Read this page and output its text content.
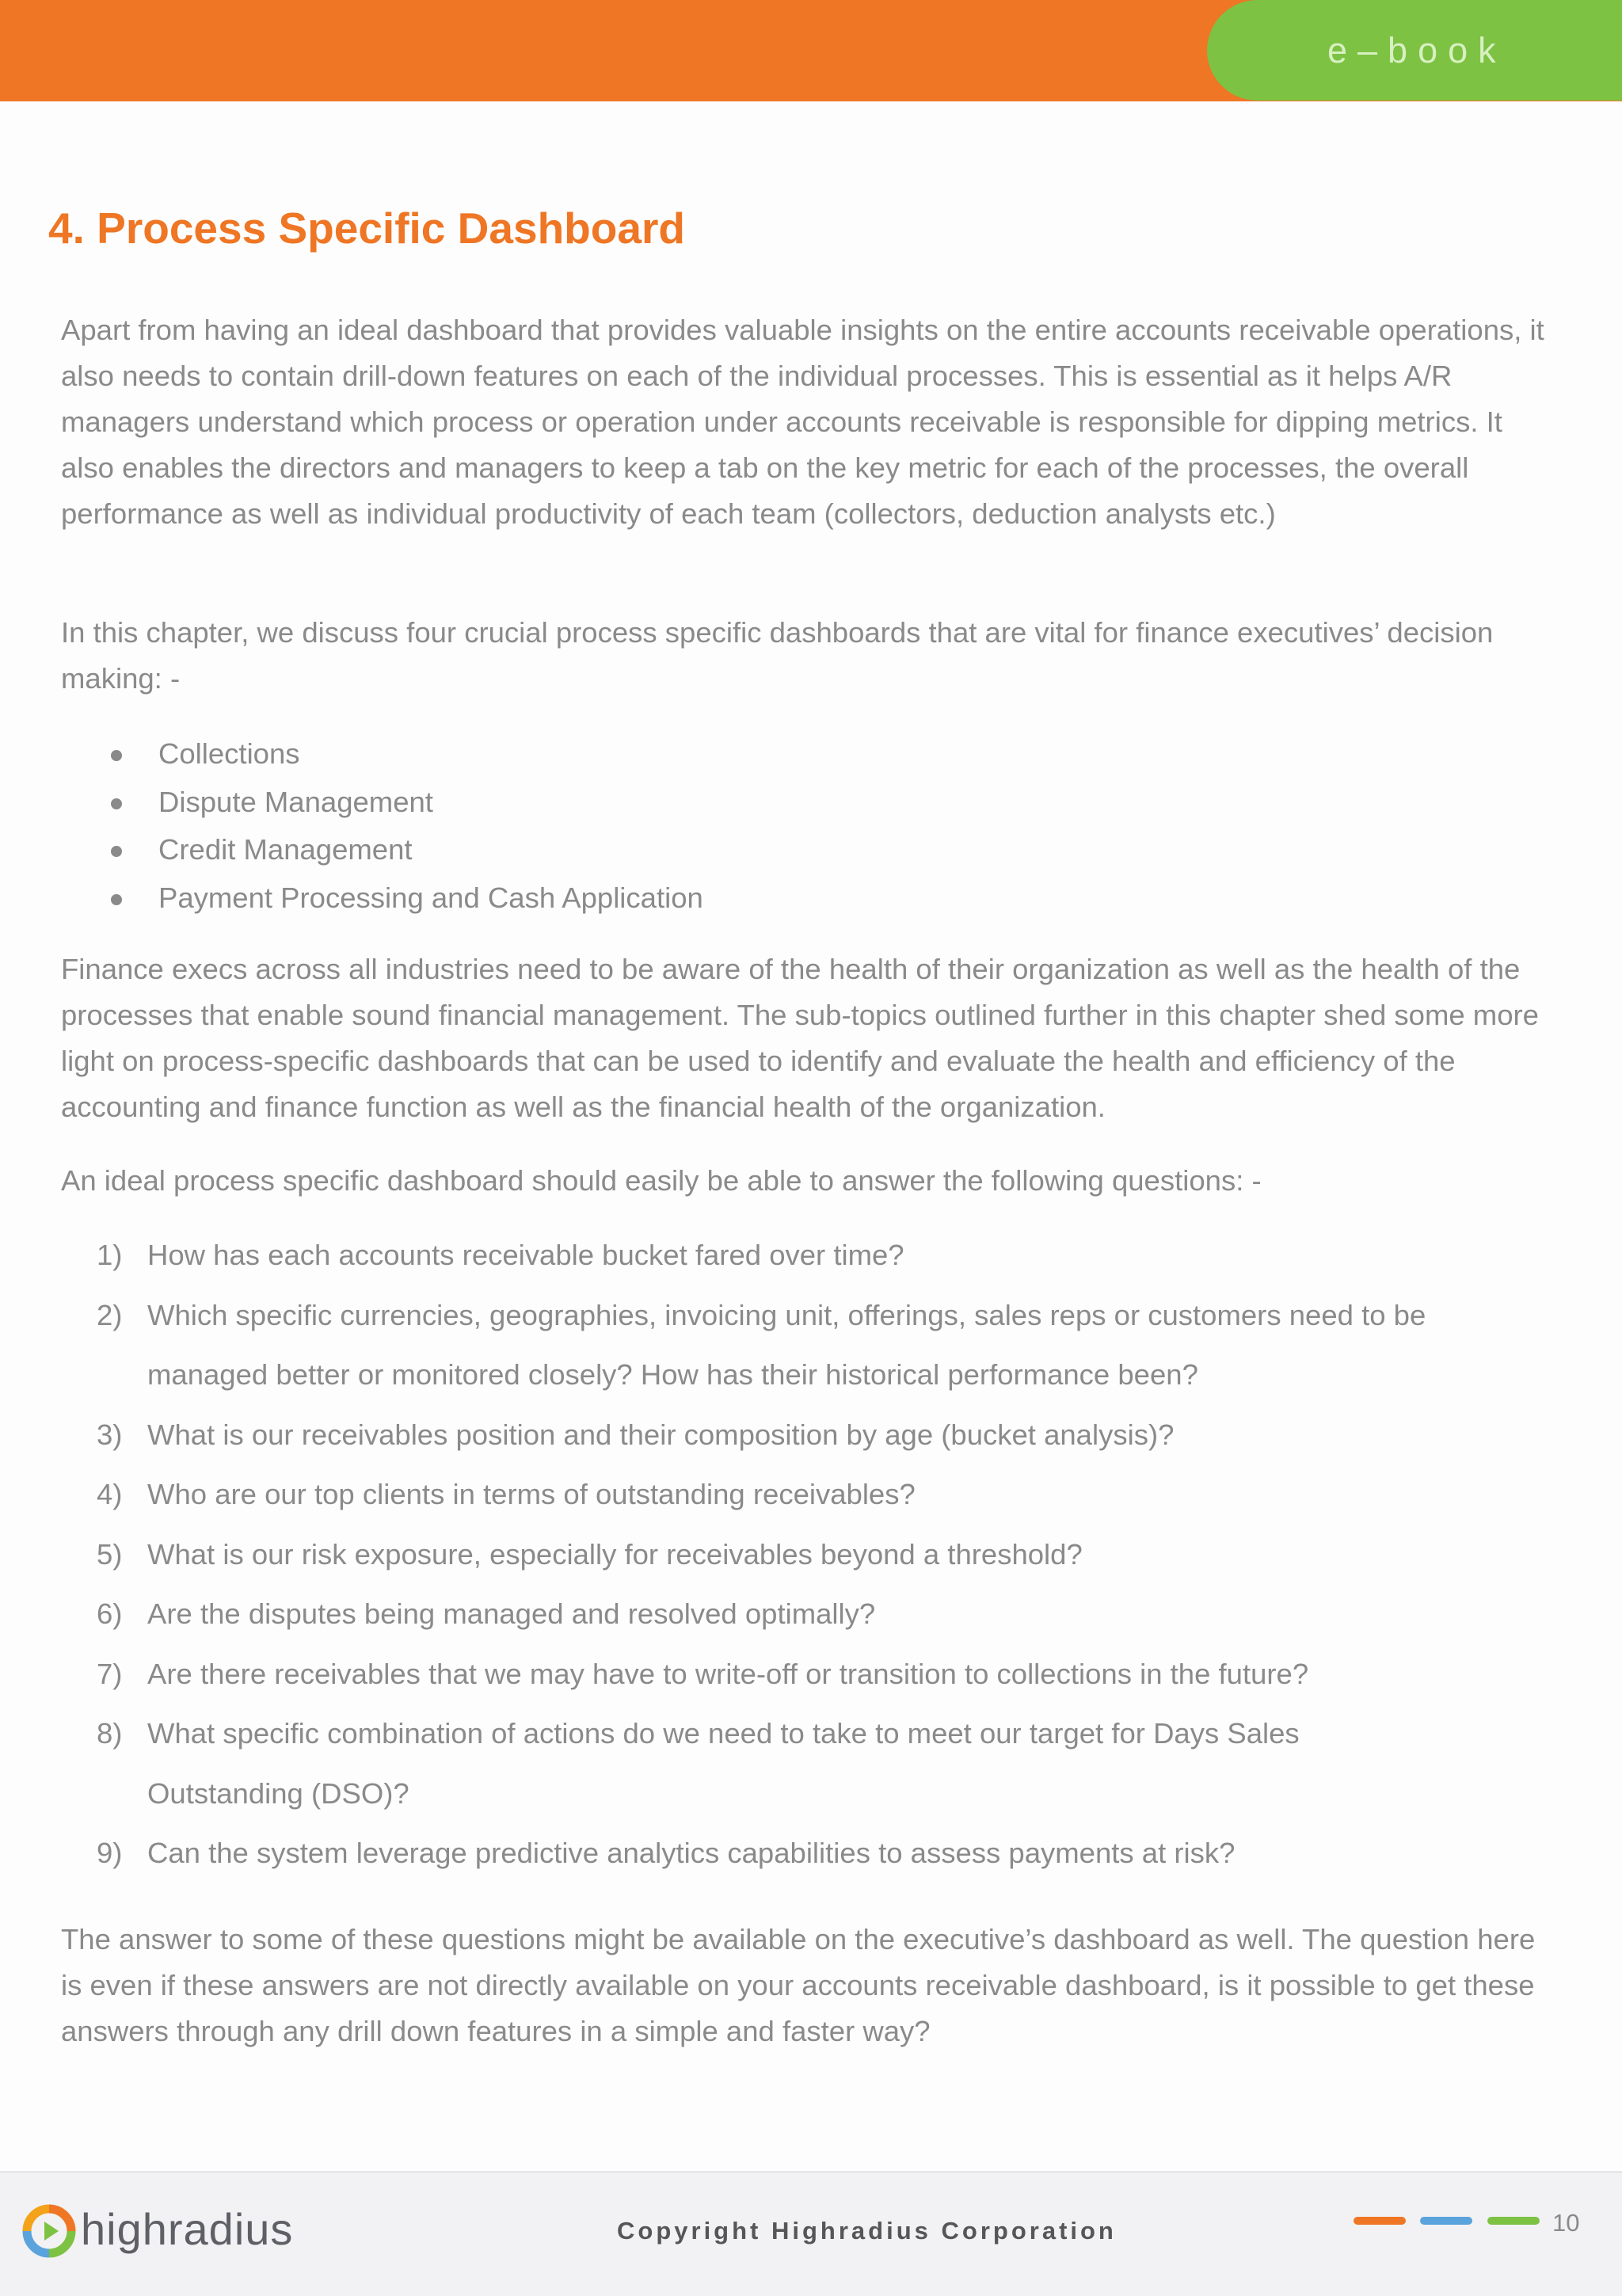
e–book
4. Process Specific Dashboard

Apart from having an ideal dashboard that provides valuable insights on the entire accounts receivable operations, it also needs to contain drill-down features on each of the individual processes. This is essential as it helps A/R managers understand which process or operation under accounts receivable is responsible for dipping metrics. It also enables the directors and managers to keep a tab on the key metric for each of the processes, the overall performance as well as individual productivity of each team (collectors, deduction analysts etc.)

In this chapter, we discuss four crucial process specific dashboards that are vital for finance executives’ decision making: -

Collections
Dispute Management
Credit Management
Payment Processing and Cash Application

Finance execs across all industries need to be aware of the health of their organization as well as the health of the processes that enable sound financial management. The sub-topics outlined further in this chapter shed some more light on process-specific dashboards that can be used to identify and evaluate the health and efficiency of the accounting and finance function as well as the financial health of the organization.

An ideal process specific dashboard should easily be able to answer the following questions: -

1) How has each accounts receivable bucket fared over time?
2) Which specific currencies, geographies, invoicing unit, offerings, sales reps or customers need to be managed better or monitored closely? How has their historical performance been?
3) What is our receivables position and their composition by age (bucket analysis)?
4) Who are our top clients in terms of outstanding receivables?
5) What is our risk exposure, especially for receivables beyond a threshold?
6) Are the disputes being managed and resolved optimally?
7) Are there receivables that we may have to write-off or transition to collections in the future?
8) What specific combination of actions do we need to take to meet our target for Days Sales Outstanding (DSO)?
9) Can the system leverage predictive analytics capabilities to assess payments at risk?

The answer to some of these questions might be available on the executive’s dashboard as well. The question here is even if these answers are not directly available on your accounts receivable dashboard, is it possible to get these answers through any drill down features in a simple and faster way?

highradius	Copyright Highradius Corporation	10
